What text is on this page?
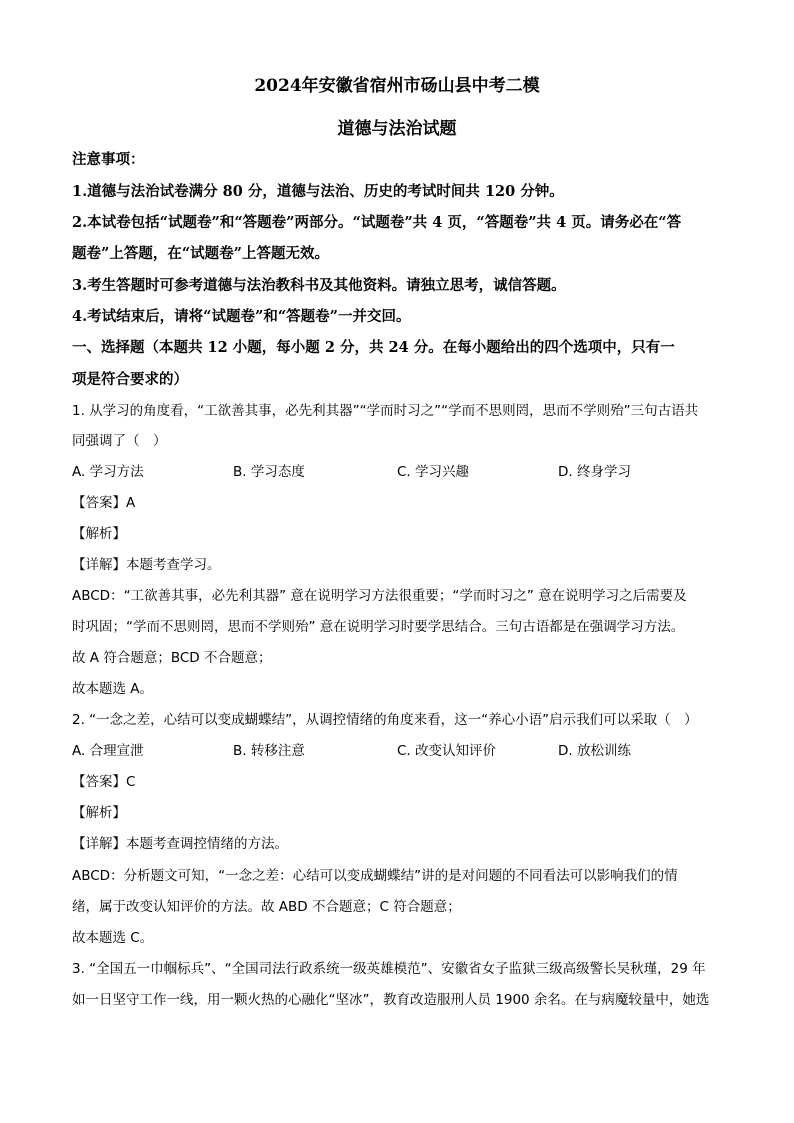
2024年安徽省宿州市砀山县中考二模
道德与法治试题
注意事项：
1.道德与法治试卷满分 80 分，道德与法治、历史的考试时间共 120 分钟。
2.本试卷包括“试题卷”和“答题卷”两部分。“试题卷”共 4 页，“答题卷”共 4 页。请务必在“答
题卷”上答题，在“试题卷”上答题无效。
3.考生答题时可参考道德与法治教科书及其他资料。请独立思考，诚信答题。
4.考试结束后，请将“试题卷”和“答题卷”一并交回。
一、选择题（本题共 12 小题，每小题 2 分，共 24 分。在每小题给出的四个选项中，只有一
项是符合要求的）
1. 从学习的角度看，“工欲善其事，必先利其器”“学而时习之”“学而不思则罔，思而不学则殆”三句古语共
同强调了（　）
A. 学习方法	B. 学习态度	C. 学习兴趣	D. 终身学习
【答案】A
【解析】
【详解】本题考查学习。
ABCD：“工欲善其事，必先利其器” 意在说明学习方法很重要；“学而时习之” 意在说明学习之后需要及
时巩固；“学而不思则罔，思而不学则殆” 意在说明学习时要学思结合。三句古语都是在强调学习方法。
故 A 符合题意；BCD 不合题意；
故本题选 A。
2. “一念之差，心结可以变成蝴蝶结”，从调控情绪的角度来看，这一“养心小语”启示我们可以采取（　）
A. 合理宣泄	B. 转移注意	C. 改变认知评价	D. 放松训练
【答案】C
【解析】
【详解】本题考查调控情绪的方法。
ABCD：分析题文可知，“一念之差：心结可以变成蝴蝶结”讲的是对问题的不同看法可以影响我们的情
绪，属于改变认知评价的方法。故 ABD 不合题意；C 符合题意；
故本题选 C。
3. “全国五一巾帼标兵”、“全国司法行政系统一级英雄模范”、安徽省女子监狱三级高级警长吴秋瑾，29 年
如一日坚守工作一线，用一颗火热的心融化“坚冰”，教育改造服刑人员 1900 余名。在与病魔较量中，她选
